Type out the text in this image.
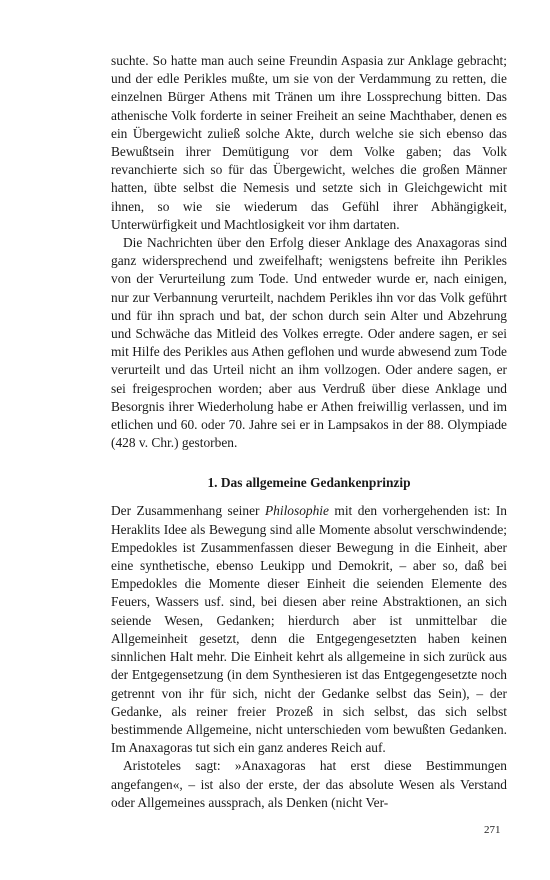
suchte. So hatte man auch seine Freundin Aspasia zur Anklage gebracht; und der edle Perikles mußte, um sie von der Verdammung zu retten, die einzelnen Bürger Athens mit Tränen um ihre Lossprechung bitten. Das athenische Volk forderte in seiner Freiheit an seine Machthaber, denen es ein Übergewicht zuließ solche Akte, durch welche sie sich ebenso das Bewußtsein ihrer Demütigung vor dem Volke gaben; das Volk revanchierte sich so für das Übergewicht, welches die großen Männer hatten, übte selbst die Nemesis und setzte sich in Gleichgewicht mit ihnen, so wie sie wiederum das Gefühl ihrer Abhängigkeit, Unterwürfigkeit und Machtlosigkeit vor ihm dartaten.

Die Nachrichten über den Erfolg dieser Anklage des Anaxagoras sind ganz widersprechend und zweifelhaft; wenigstens befreite ihn Perikles von der Verurteilung zum Tode. Und entweder wurde er, nach einigen, nur zur Verbannung verurteilt, nachdem Perikles ihn vor das Volk geführt und für ihn sprach und bat, der schon durch sein Alter und Abzehrung und Schwäche das Mitleid des Volkes erregte. Oder andere sagen, er sei mit Hilfe des Perikles aus Athen geflohen und wurde abwesend zum Tode verurteilt und das Urteil nicht an ihm vollzogen. Oder andere sagen, er sei freigesprochen worden; aber aus Verdruß über diese Anklage und Besorgnis ihrer Wiederholung habe er Athen freiwillig verlassen, und im etlichen und 60. oder 70. Jahre sei er in Lampsakos in der 88. Olympiade (428 v. Chr.) gestorben.

1. Das allgemeine Gedankenprinzip

Der Zusammenhang seiner Philosophie mit den vorhergehenden ist: In Heraklits Idee als Bewegung sind alle Momente absolut verschwindende; Empedokles ist Zusammenfassen dieser Bewegung in die Einheit, aber eine synthetische, ebenso Leukipp und Demokrit, – aber so, daß bei Empedokles die Momente dieser Einheit die seienden Elemente des Feuers, Wassers usf. sind, bei diesen aber reine Abstraktionen, an sich seiende Wesen, Gedanken; hierdurch aber ist unmittelbar die Allgemeinheit gesetzt, denn die Entgegengesetzten haben keinen sinnlichen Halt mehr. Die Einheit kehrt als allgemeine in sich zurück aus der Entgegensetzung (in dem Synthesieren ist das Entgegengesetzte noch getrennt von ihr für sich, nicht der Gedanke selbst das Sein), – der Gedanke, als reiner freier Prozeß in sich selbst, das sich selbst bestimmende Allgemeine, nicht unterschieden vom bewußten Gedanken. Im Anaxagoras tut sich ein ganz anderes Reich auf.

Aristoteles sagt: »Anaxagoras hat erst diese Bestimmungen angefangen«, – ist also der erste, der das absolute Wesen als Verstand oder Allgemeines aussprach, als Denken (nicht Ver-

271
